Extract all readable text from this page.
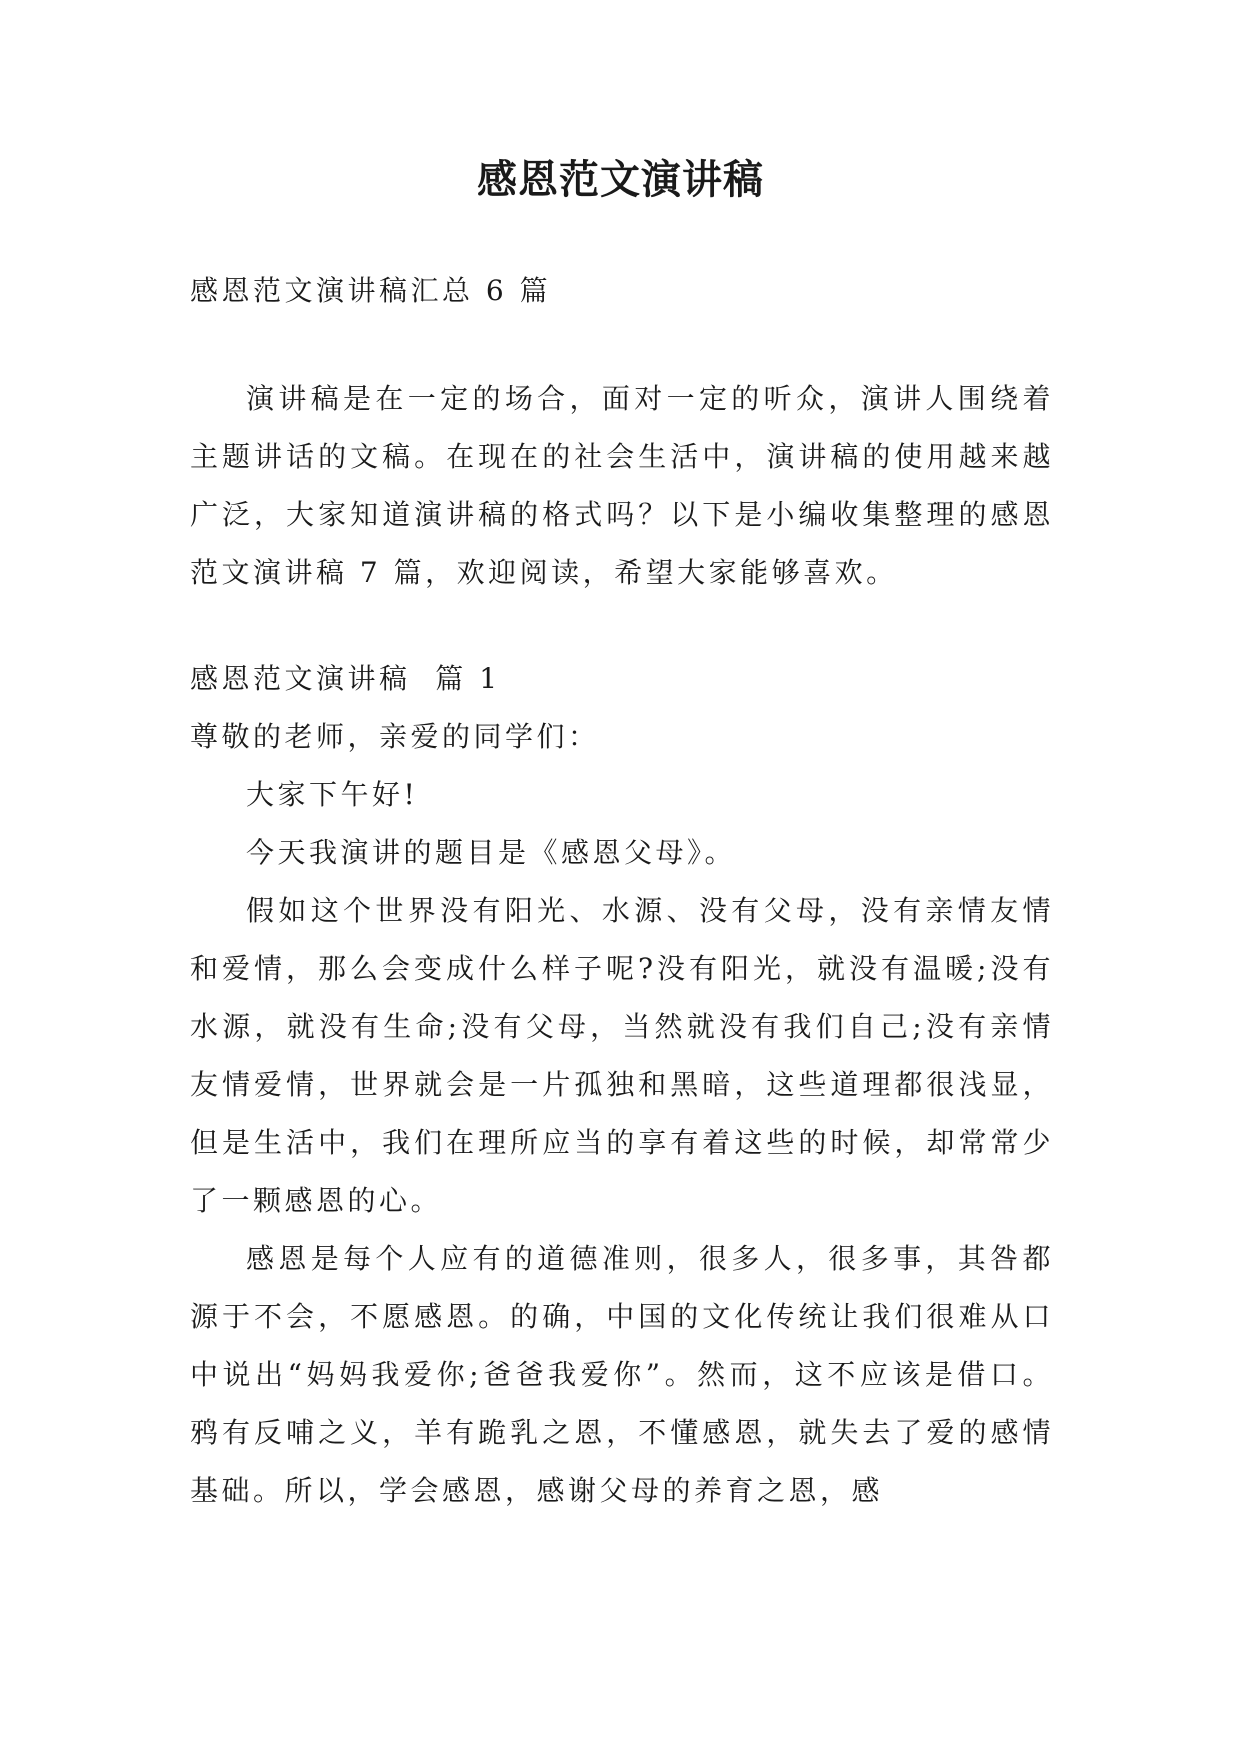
感恩范文演讲稿

感恩范文演讲稿汇总 6 篇

演讲稿是在一定的场合，面对一定的听众，演讲人围绕着主题讲话的文稿。在现在的社会生活中，演讲稿的使用越来越广泛，大家知道演讲稿的格式吗？以下是小编收集整理的感恩范文演讲稿 7 篇，欢迎阅读，希望大家能够喜欢。

感恩范文演讲稿  篇 1

尊敬的老师，亲爱的同学们：

大家下午好!

今天我演讲的题目是《感恩父母》。

假如这个世界没有阳光、水源、没有父母，没有亲情友情和爱情，那么会变成什么样子呢?没有阳光，就没有温暖;没有水源，就没有生命;没有父母，当然就没有我们自己;没有亲情友情爱情，世界就会是一片孤独和黑暗，这些道理都很浅显，但是生活中，我们在理所应当的享有着这些的时候，却常常少了一颗感恩的心。

感恩是每个人应有的道德准则，很多人，很多事，其咎都源于不会，不愿感恩。的确，中国的文化传统让我们很难从口中说出“妈妈我爱你;爸爸我爱你”。然而，这不应该是借口。鸦有反哺之义，羊有跪乳之恩，不懂感恩，就失去了爱的感情基础。所以，学会感恩，感谢父母的养育之恩，感
